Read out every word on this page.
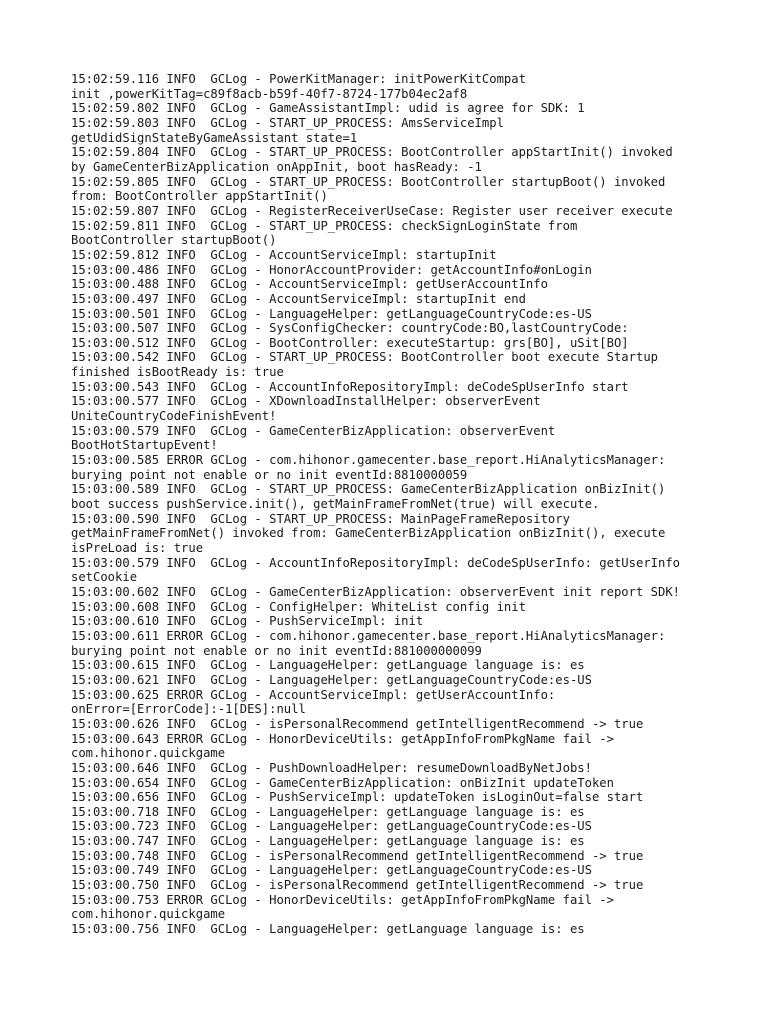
15:02:59.116 INFO  GCLog - PowerKitManager: initPowerKitCompat
init ,powerKitTag=c89f8acb-b59f-40f7-8724-177b04ec2af8
15:02:59.802 INFO  GCLog - GameAssistantImpl: udid is agree for SDK: 1
15:02:59.803 INFO  GCLog - START_UP_PROCESS: AmsServiceImpl
getUdidSignStateByGameAssistant state=1
15:02:59.804 INFO  GCLog - START_UP_PROCESS: BootController appStartInit() invoked
by GameCenterBizApplication onAppInit, boot hasReady: -1
15:02:59.805 INFO  GCLog - START_UP_PROCESS: BootController startupBoot() invoked
from: BootController appStartInit()
15:02:59.807 INFO  GCLog - RegisterReceiverUseCase: Register user receiver execute
15:02:59.811 INFO  GCLog - START_UP_PROCESS: checkSignLoginState from
BootController startupBoot()
15:02:59.812 INFO  GCLog - AccountServiceImpl: startupInit
15:03:00.486 INFO  GCLog - HonorAccountProvider: getAccountInfo#onLogin
15:03:00.488 INFO  GCLog - AccountServiceImpl: getUserAccountInfo
15:03:00.497 INFO  GCLog - AccountServiceImpl: startupInit end
15:03:00.501 INFO  GCLog - LanguageHelper: getLanguageCountryCode:es-US
15:03:00.507 INFO  GCLog - SysConfigChecker: countryCode:BO,lastCountryCode:
15:03:00.512 INFO  GCLog - BootController: executeStartup: grs[BO], uSit[BO]
15:03:00.542 INFO  GCLog - START_UP_PROCESS: BootController boot execute Startup
finished isBootReady is: true
15:03:00.543 INFO  GCLog - AccountInfoRepositoryImpl: deCodeSpUserInfo start
15:03:00.577 INFO  GCLog - XDownloadInstallHelper: observerEvent
UniteCountryCodeFinishEvent!
15:03:00.579 INFO  GCLog - GameCenterBizApplication: observerEvent
BootHotStartupEvent!
15:03:00.585 ERROR GCLog - com.hihonor.gamecenter.base_report.HiAnalyticsManager:
burying point not enable or no init eventId:8810000059
15:03:00.589 INFO  GCLog - START_UP_PROCESS: GameCenterBizApplication onBizInit()
boot success pushService.init(), getMainFrameFromNet(true) will execute.
15:03:00.590 INFO  GCLog - START_UP_PROCESS: MainPageFrameRepository
getMainFrameFromNet() invoked from: GameCenterBizApplication onBizInit(), execute
isPreLoad is: true
15:03:00.579 INFO  GCLog - AccountInfoRepositoryImpl: deCodeSpUserInfo: getUserInfo
setCookie
15:03:00.602 INFO  GCLog - GameCenterBizApplication: observerEvent init report SDK!
15:03:00.608 INFO  GCLog - ConfigHelper: WhiteList config init
15:03:00.610 INFO  GCLog - PushServiceImpl: init
15:03:00.611 ERROR GCLog - com.hihonor.gamecenter.base_report.HiAnalyticsManager:
burying point not enable or no init eventId:881000000099
15:03:00.615 INFO  GCLog - LanguageHelper: getLanguage language is: es
15:03:00.621 INFO  GCLog - LanguageHelper: getLanguageCountryCode:es-US
15:03:00.625 ERROR GCLog - AccountServiceImpl: getUserAccountInfo:
onError=[ErrorCode]:-1[DES]:null
15:03:00.626 INFO  GCLog - isPersonalRecommend getIntelligentRecommend -> true
15:03:00.643 ERROR GCLog - HonorDeviceUtils: getAppInfoFromPkgName fail ->
com.hihonor.quickgame
15:03:00.646 INFO  GCLog - PushDownloadHelper: resumeDownloadByNetJobs!
15:03:00.654 INFO  GCLog - GameCenterBizApplication: onBizInit updateToken
15:03:00.656 INFO  GCLog - PushServiceImpl: updateToken isLoginOut=false start
15:03:00.718 INFO  GCLog - LanguageHelper: getLanguage language is: es
15:03:00.723 INFO  GCLog - LanguageHelper: getLanguageCountryCode:es-US
15:03:00.747 INFO  GCLog - LanguageHelper: getLanguage language is: es
15:03:00.748 INFO  GCLog - isPersonalRecommend getIntelligentRecommend -> true
15:03:00.749 INFO  GCLog - LanguageHelper: getLanguageCountryCode:es-US
15:03:00.750 INFO  GCLog - isPersonalRecommend getIntelligentRecommend -> true
15:03:00.753 ERROR GCLog - HonorDeviceUtils: getAppInfoFromPkgName fail ->
com.hihonor.quickgame
15:03:00.756 INFO  GCLog - LanguageHelper: getLanguage language is: es
